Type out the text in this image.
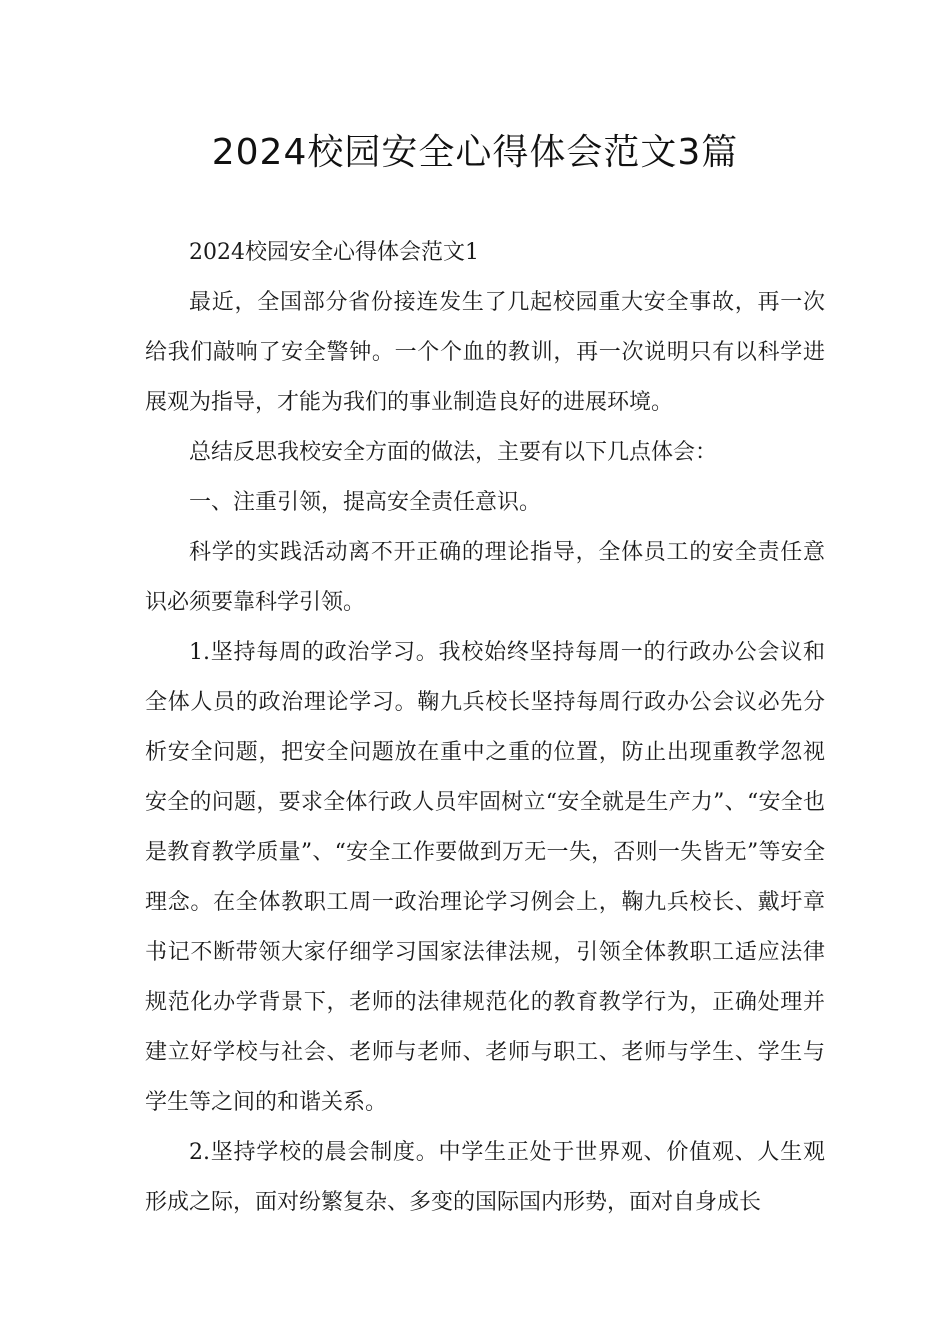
2024校园安全心得体会范文3篇

2024校园安全心得体会范文1

最近，全国部分省份接连发生了几起校园重大安全事故，再一次给我们敲响了安全警钟。一个个血的教训，再一次说明只有以科学进展观为指导，才能为我们的事业制造良好的进展环境。

总结反思我校安全方面的做法，主要有以下几点体会：

一、注重引领，提高安全责任意识。

科学的实践活动离不开正确的理论指导，全体员工的安全责任意识必须要靠科学引领。

1.坚持每周的政治学习。我校始终坚持每周一的行政办公会议和全体人员的政治理论学习。鞠九兵校长坚持每周行政办公会议必先分析安全问题，把安全问题放在重中之重的位置，防止出现重教学忽视安全的问题，要求全体行政人员牢固树立“安全就是生产力”、“安全也是教育教学质量”、“安全工作要做到万无一失，否则一失皆无”等安全理念。在全体教职工周一政治理论学习例会上，鞠九兵校长、戴圩章书记不断带领大家仔细学习国家法律法规，引领全体教职工适应法律规范化办学背景下，老师的法律规范化的教育教学行为，正确处理并建立好学校与社会、老师与老师、老师与职工、老师与学生、学生与学生等之间的和谐关系。

2.坚持学校的晨会制度。中学生正处于世界观、价值观、人生观形成之际，面对纷繁复杂、多变的国际国内形势，面对自身成长
